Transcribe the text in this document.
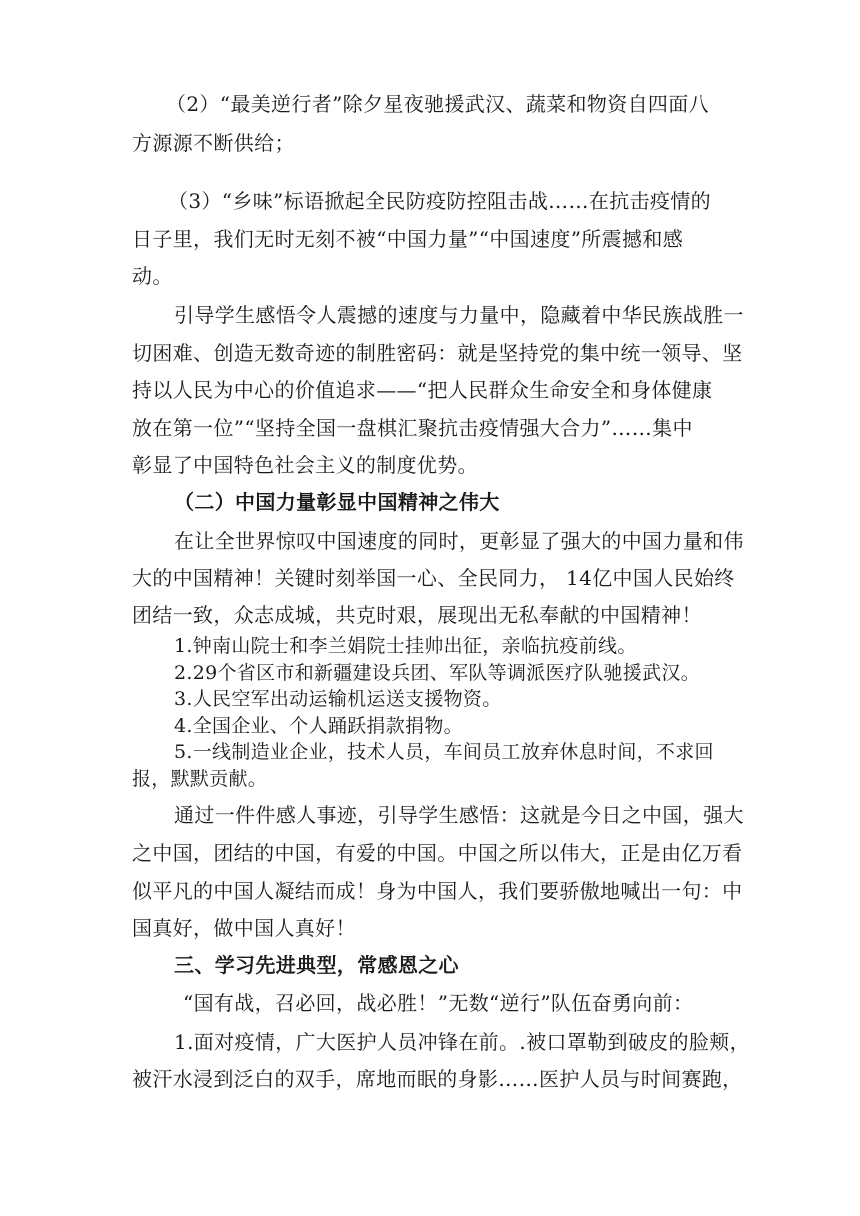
（2）“最美逆行者”除夕星夜驰援武汉、蔬菜和物资自四面八
方源源不断供给；
（3）“乡味”标语掀起全民防疫防控阻击战……在抗击疫情的
日子里，我们无时无刻不被“中国力量”“中国速度”所震撼和感
动。
引导学生感悟令人震撼的速度与力量中，隐藏着中华民族战胜一
切困难、创造无数奇迹的制胜密码：就是坚持党的集中统一领导、坚
持以人民为中心的价值追求——“把人民群众生命安全和身体健康
放在第一位”“坚持全国一盘棋汇聚抗击疫情强大合力”……集中
彰显了中国特色社会主义的制度优势。
（二）中国力量彰显中国精神之伟大
在让全世界惊叹中国速度的同时，更彰显了强大的中国力量和伟
大的中国精神！关键时刻举国一心、全民同力， 14亿中国人民始终
团结一致，众志成城，共克时艰，展现出无私奉献的中国精神！
1.钟南山院士和李兰娟院士挂帅出征，亲临抗疫前线。
2.29个省区市和新疆建设兵团、军队等调派医疗队驰援武汉。
3.人民空军出动运输机运送支援物资。
4.全国企业、个人踊跃捐款捐物。
5.一线制造业企业，技术人员，车间员工放弃休息时间，不求回
报，默默贡献。
通过一件件感人事迹，引导学生感悟：这就是今日之中国，强大
之中国，团结的中国，有爱的中国。中国之所以伟大，正是由亿万看
似平凡的中国人凝结而成！身为中国人，我们要骄傲地喊出一句：中
国真好，做中国人真好！
三、学习先进典型，常感恩之心
“国有战，召必回，战必胜！”无数“逆行”队伍奋勇向前：
1.面对疫情，广大医护人员冲锋在前。.被口罩勒到破皮的脸颊，
被汗水浸到泛白的双手，席地而眠的身影……医护人员与时间赛跑，
